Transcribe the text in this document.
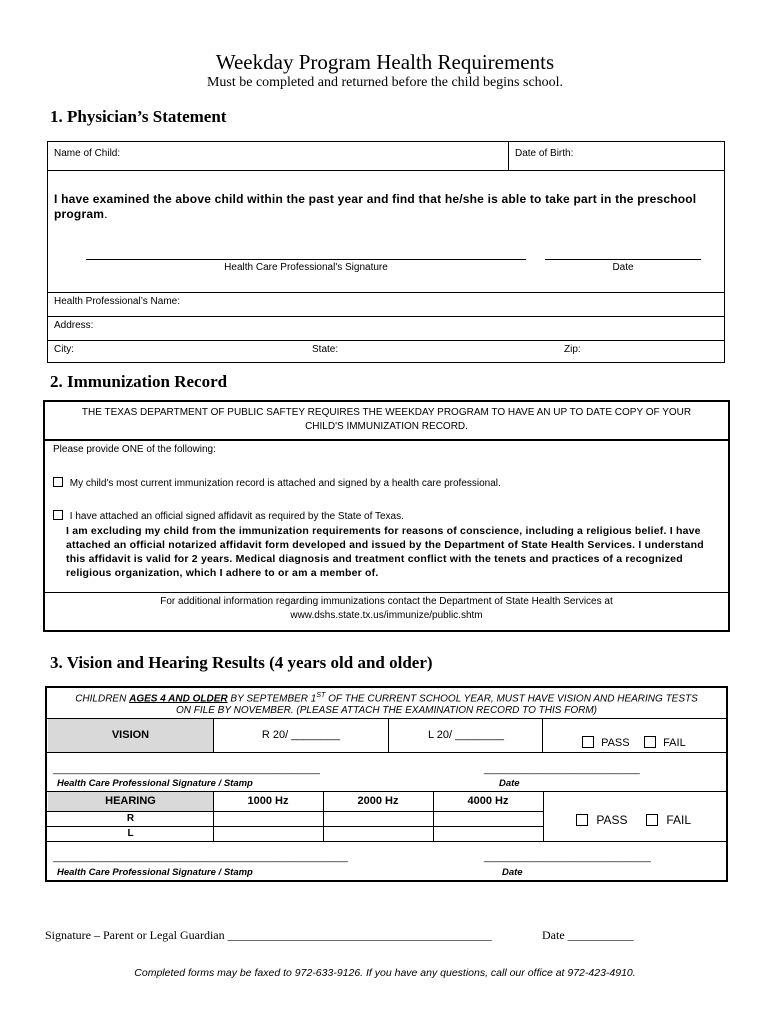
Weekday Program Health Requirements
Must be completed and returned before the child begins school.
1. Physician’s Statement
Name of Child:	Date of Birth:
I have examined the above child within the past year and find that he/she is able to take part in the preschool program.
Health Care Professional's Signature	Date
Health Professional’s Name:
Address:
City:	State:	Zip:
2. Immunization Record
THE TEXAS DEPARTMENT OF PUBLIC SAFTEY REQUIRES THE WEEKDAY PROGRAM TO HAVE AN UP TO DATE COPY OF YOUR
CHILD'S IMMUNIZATION RECORD.
Please provide ONE of the following:
My child's most current immunization record is attached and signed by a health care professional.
I have attached an official signed affidavit as required by the State of Texas.
I am excluding my child from the immunization requirements for reasons of conscience, including a religious belief. I have attached an official notarized affidavit form developed and issued by the Department of State Health Services. I understand this affidavit is valid for 2 years. Medical diagnosis and treatment conflict with the tenets and practices of a recognized religious organization, which I adhere to or am a member of.
For additional information regarding immunizations contact the Department of State Health Services at
www.dshs.state.tx.us/immunize/public.shtm
3. Vision and Hearing Results (4 years old and older)
CHILDREN AGES 4 AND OLDER BY SEPTEMBER 1ST OF THE CURRENT SCHOOL YEAR, MUST HAVE VISION AND HEARING TESTS
ON FILE BY NOVEMBER. (PLEASE ATTACH THE EXAMINATION RECORD TO THIS FORM)
VISION	R 20/ ________	L 20/ ________
PASS	FAIL
________________________________________________	____________________________
Health Care Professional Signature / Stamp	Date
HEARING	1000 Hz	2000 Hz	4000 Hz
R
L
PASS	FAIL
_____________________________________________________	______________________________
Health Care Professional Signature / Stamp	Date
Signature – Parent or Legal Guardian ____________________________________________	Date ___________
Completed forms may be faxed to 972-633-9126. If you have any questions, call our office at 972-423-4910.
